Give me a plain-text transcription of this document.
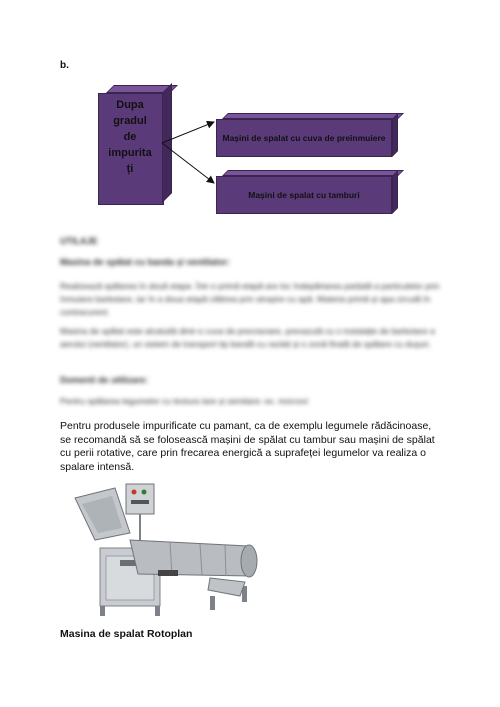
b.
Dupa
gradul
de
impurita
ți
Mașini de spalat cu cuva de preînmuiere
Mașini de spalat cu tamburi
UTILAJE
Masina de spălat cu banda și ventilator:
Realizează spălarea în două etape. Într-o primă etapă are loc îndepărtarea parțială a particulelor prin înmuiere barbotare, iar în a doua etapă clătirea prin stropire cu apă. Materia primă și apa circulă în contracurent.
Masina de spălat este alcatuită dintr-o cuva de preспалare, prevazută cu o instalație de barbotare a aerului (ventilator), un sistem de transport tip bandă cu racleți și o zonă finală de spălare cu dușuri.
Domenii de utilizare:
Pentru spălarea legumelor cu textura tare și semitare: ex. morcovi
Pentru produsele impurificate cu pamant, ca de exemplu legumele rădăcinoase, se recomandă să se folosească mașini de spălat cu tambur sau mașini de spălat cu perii rotative, care prin frecarea energică a suprafeței legumelor va realiza o spalare intensă.
Masina de spalat Rotoplan
